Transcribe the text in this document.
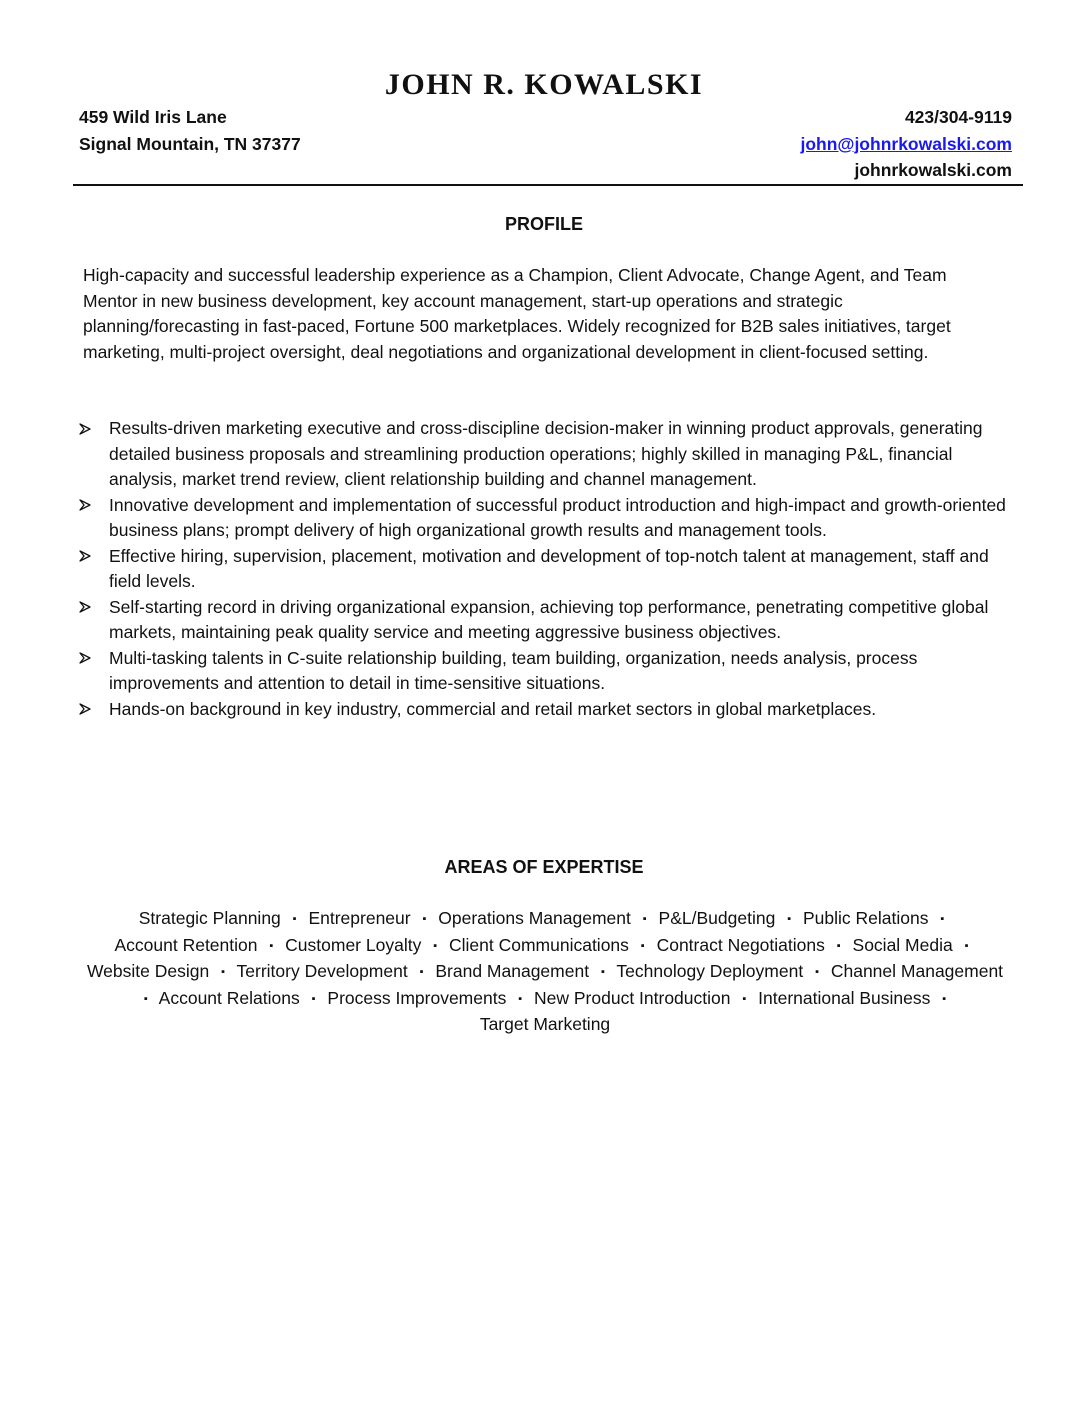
JOHN R. KOWALSKI
459 Wild Iris Lane
Signal Mountain, TN 37377
423/304-9119
john@johnrkowalski.com
johnrkowalski.com
PROFILE

High-capacity and successful leadership experience as a Champion, Client Advocate, Change Agent, and Team Mentor in new business development, key account management, start-up operations and strategic planning/forecasting in fast-paced, Fortune 500 marketplaces. Widely recognized for B2B sales initiatives, target marketing, multi-project oversight, deal negotiations and organizational development in client-focused setting.

Results-driven marketing executive and cross-discipline decision-maker in winning product approvals, generating detailed business proposals and streamlining production operations; highly skilled in managing P&L, financial analysis, market trend review, client relationship building and channel management.
Innovative development and implementation of successful product introduction and high-impact and growth-oriented business plans; prompt delivery of high organizational growth results and management tools.
Effective hiring, supervision, placement, motivation and development of top-notch talent at management, staff and field levels.
Self-starting record in driving organizational expansion, achieving top performance, penetrating competitive global markets, maintaining peak quality service and meeting aggressive business objectives.
Multi-tasking talents in C-suite relationship building, team building, organization, needs analysis, process improvements and attention to detail in time-sensitive situations.
Hands-on background in key industry, commercial and retail market sectors in global marketplaces.
AREAS OF EXPERTISE

Strategic Planning ▪ Entrepreneur ▪ Operations Management ▪ P&L/Budgeting ▪ Public Relations ▪ Account Retention ▪ Customer Loyalty ▪ Client Communications ▪ Contract Negotiations ▪ Social Media ▪ Website Design ▪ Territory Development ▪ Brand Management ▪ Technology Deployment ▪ Channel Management ▪ Account Relations ▪ Process Improvements ▪ New Product Introduction ▪ International Business ▪ Target Marketing
